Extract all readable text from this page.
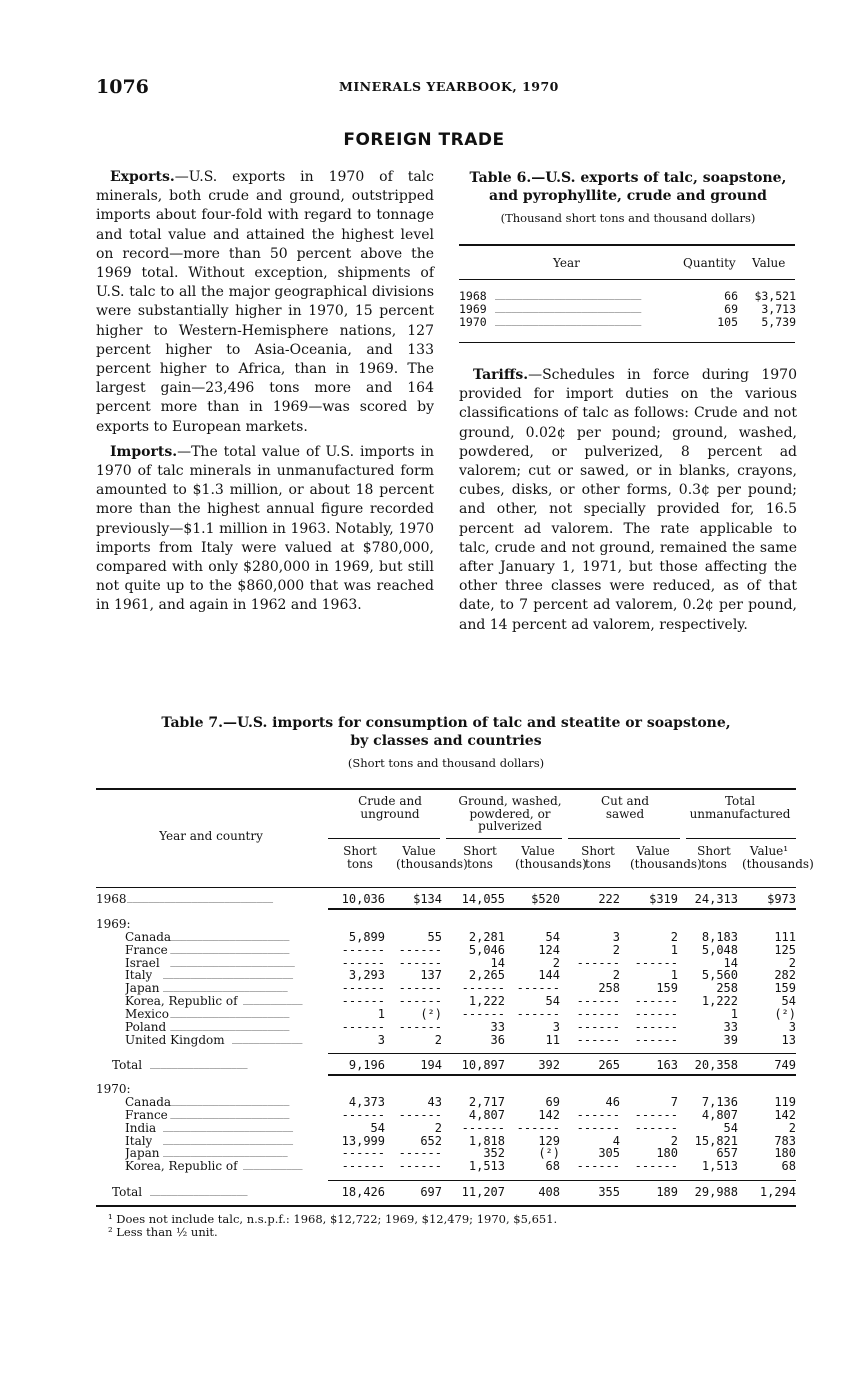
1076	MINERALS YEARBOOK, 1970
FOREIGN TRADE

Exports.—U.S. exports in 1970 of talc minerals, both crude and ground, outstripped imports about four-fold with regard to tonnage and total value and attained the highest level on record—more than 50 percent above the 1969 total. Without exception, shipments of U.S. talc to all the major geographical divisions were substantially higher in 1970, 15 percent higher to Western-Hemisphere nations, 127 percent higher to Asia-Oceania, and 133 percent higher to Africa, than in 1969. The largest gain—23,496 tons more and 164 percent more than in 1969—was scored by exports to European markets.

Imports.—The total value of U.S. imports in 1970 of talc minerals in unmanufactured form amounted to $1.3 million, or about 18 percent more than the highest annual figure recorded previously—$1.1 million in 1963. Notably, 1970 imports from Italy were valued at $780,000, compared with only $280,000 in 1969, but still not quite up to the $860,000 that was reached in 1961, and again in 1962 and 1963.

Table 6.—U.S. exports of talc, soapstone, and pyrophyllite, crude and ground
(Thousand short tons and thousand dollars)
Year	Quantity Value
1968 ___________________________	66	$3,521
1969 ___________________________	69	3,713
1970 ___________________________	105	5,739

Tariffs.—Schedules in force during 1970 provided for import duties on the various classifications of talc as follows: Crude and not ground, 0.02¢ per pound; ground, washed, powdered, or pulverized, 8 percent ad valorem; cut or sawed, or in blanks, crayons, cubes, disks, or other forms, 0.3¢ per pound; and other, not specially provided for, 16.5 percent ad valorem. The rate applicable to talc, crude and not ground, remained the same after January 1, 1971, but those affecting the other three classes were reduced, as of that date, to 7 percent ad valorem, 0.2¢ per pound, and 14 percent ad valorem, respectively.

Table 7.—U.S. imports for consumption of talc and steatite or soapstone,
by classes and countries
(Short tons and thousand dollars)
Year and country
Crude and unground
Ground, washed, powdered, or pulverized
Cut and sawed
Total unmanufactured
Short tons
Value (thousands)
Short tons
Value (thousands)
Short tons
Value (thousands)
Short tons
Value¹ (thousands)
1968 ___________________________	10,036	$134	14,055	$520	222	$319	24,313	$973
1969:
Canada ______________________	5,899	55	2,281	54	3	2	8,183	111
France ______________________	------	------	5,046	124	2	1	5,048	125
Israel _______________________	------	------	14	2	------	------	14	2
Italy ________________________	3,293	137	2,265	144	2	1	5,560	282
Japan _______________________	------	------	------ ------	258	159	258	159
Korea, Republic of ___________	------	------	1,222	54	------	------	1,222	54
Mexico ______________________	1	(²)	------ ------	------	------	1	(²)
Poland ______________________	------	------	33	3	------	------	33	3
United Kingdom _____________	3	2	36	11	------	------	39	13
Total __________________	9,196	194	10,897	392	265	163	20,358	749
1970:
Canada ______________________	4,373	43	2,717	69	46	7	7,136	119
France ______________________	------	------	4,807	142	------	------	4,807	142
India ________________________	54	2	------ ------	------	------	54	2
Italy ________________________	13,999	652	1,818	129	4	2	15,821	783
Japan _______________________	------	------	352	(²)	305	180	657	180
Korea, Republic of ___________	------	------	1,513	68	------	------	1,513	68
Total __________________	18,426	697	11,207	408	355	189	29,988	1,294
¹ Does not include talc, n.s.p.f.: 1968, $12,722; 1969, $12,479; 1970, $5,651.
² Less than ½ unit.
